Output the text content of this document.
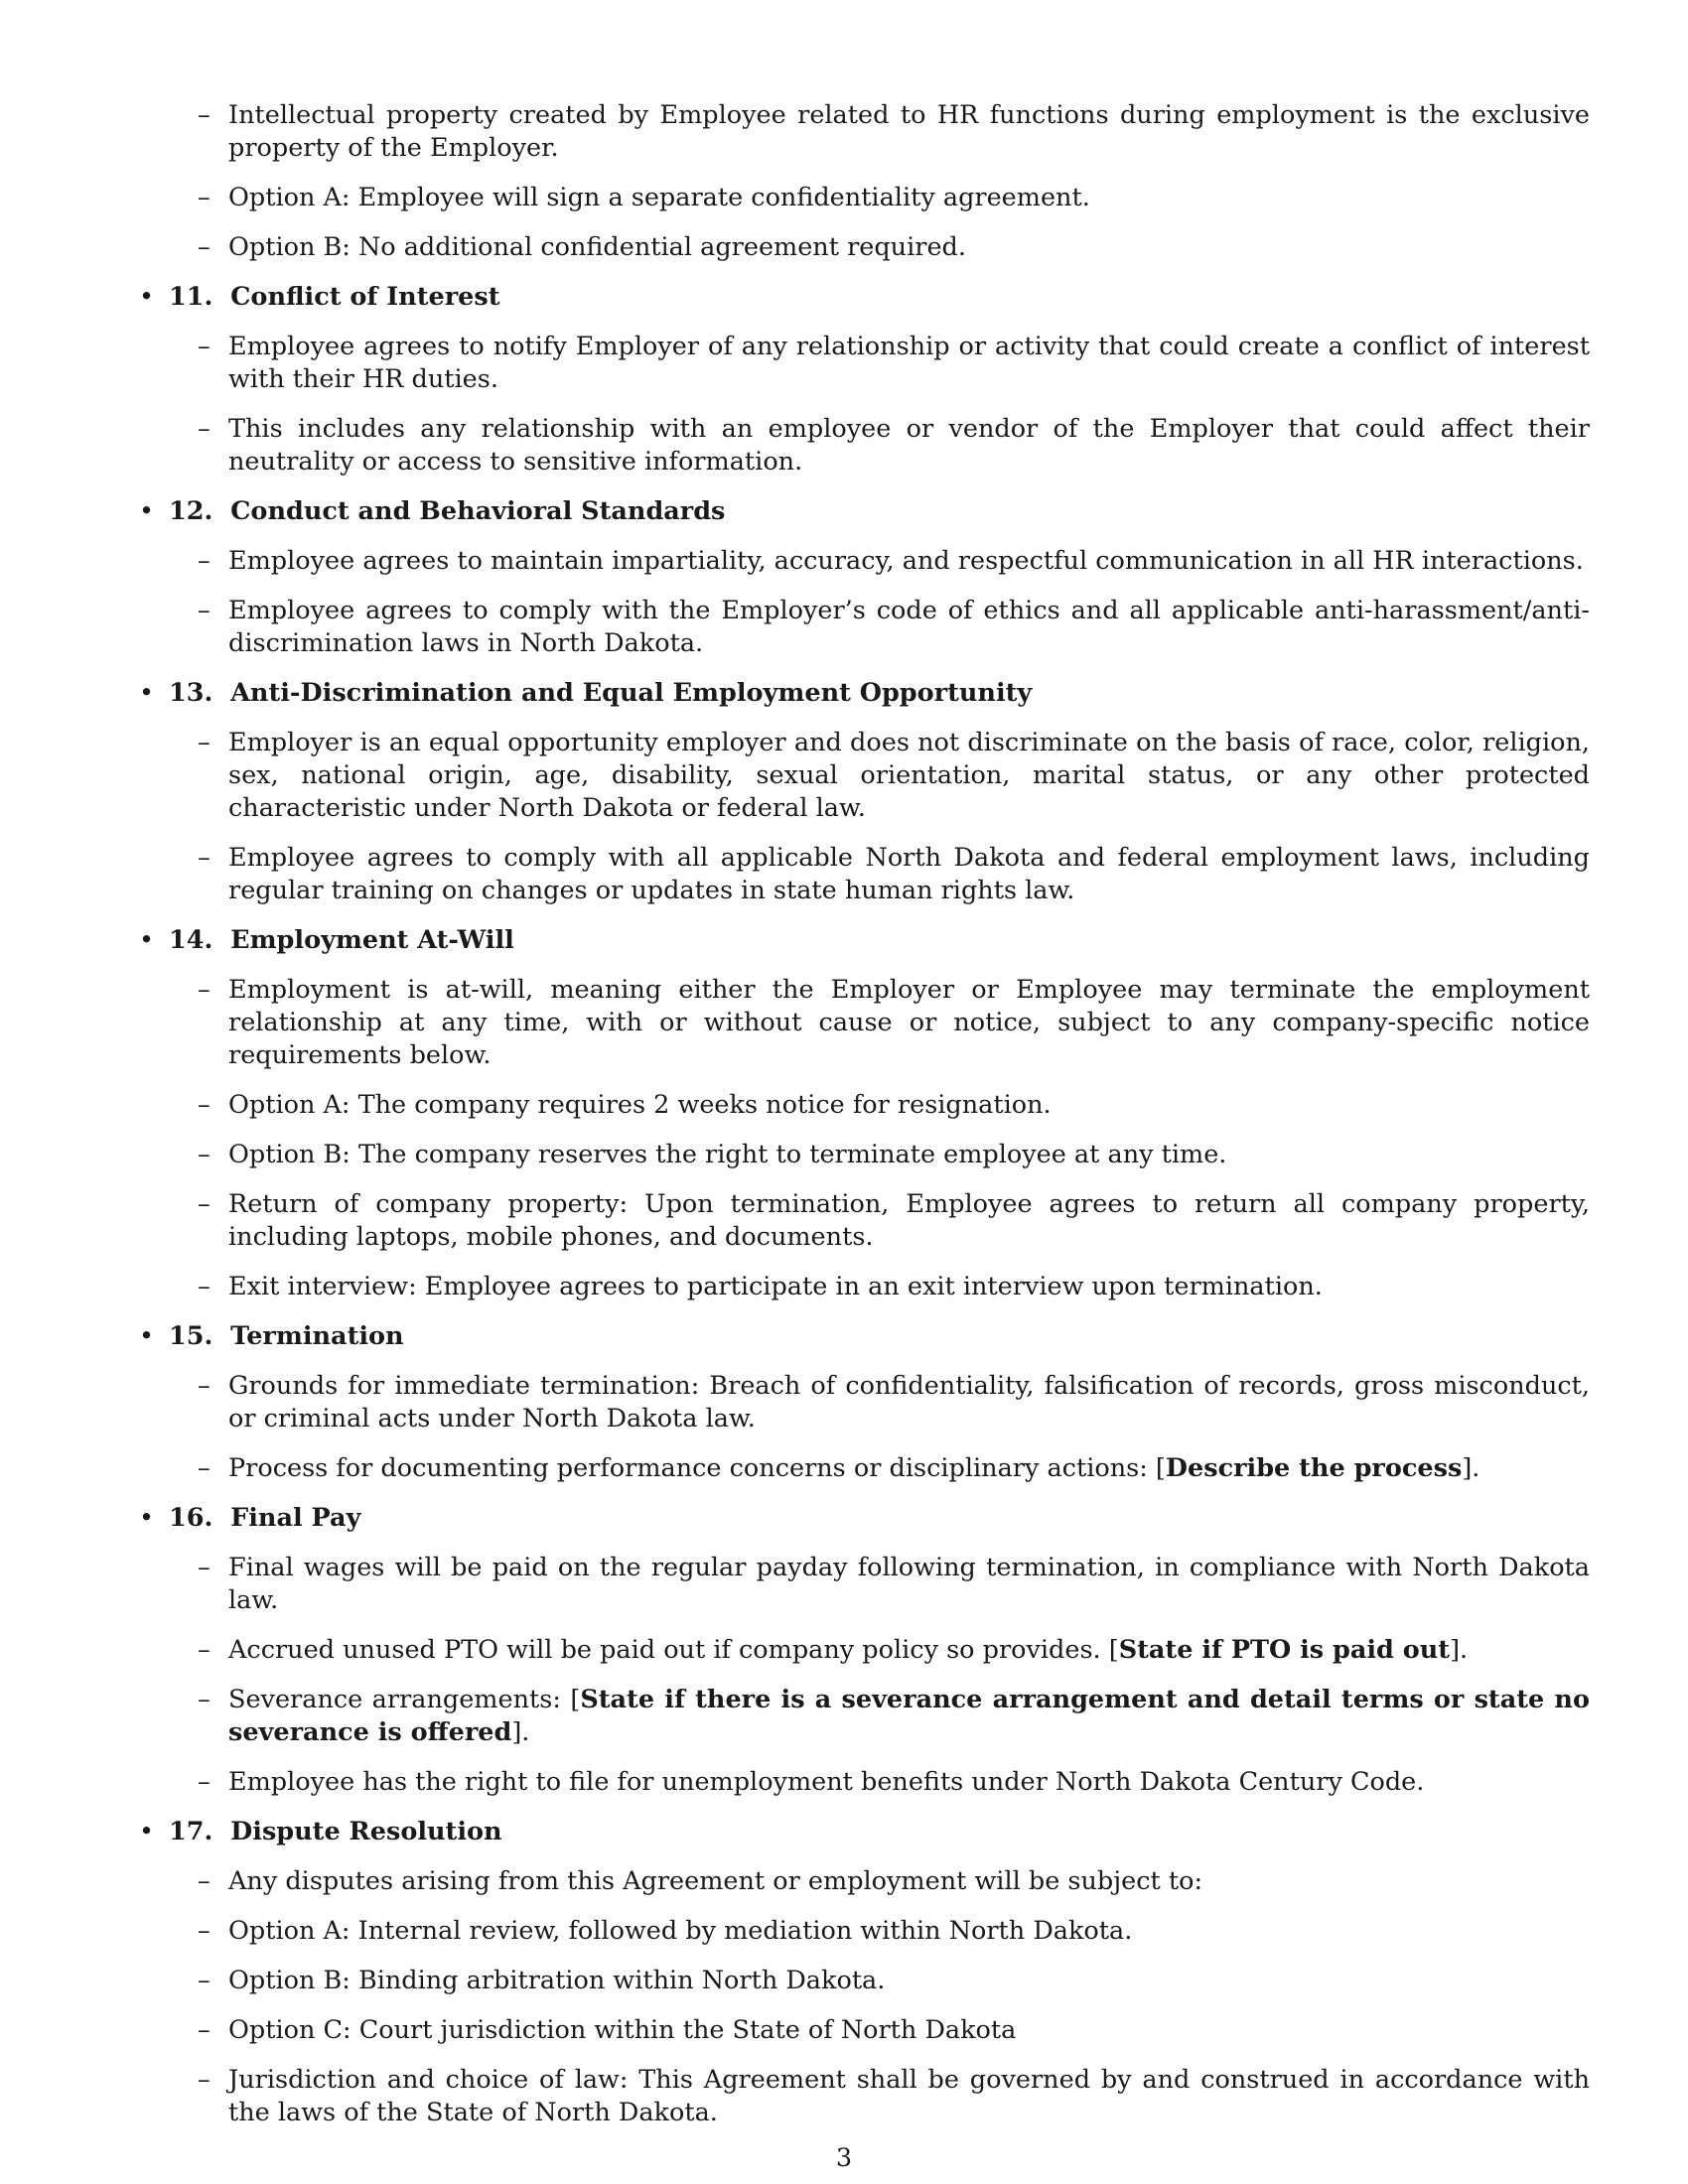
– Intellectual property created by Employee related to HR functions during employment is the exclusive property of the Employer.
– Option A: Employee will sign a separate confidentiality agreement.
– Option B: No additional confidential agreement required.
• 11. Conflict of Interest
– Employee agrees to notify Employer of any relationship or activity that could create a conflict of interest with their HR duties.
– This includes any relationship with an employee or vendor of the Employer that could affect their neutrality or access to sensitive information.
• 12. Conduct and Behavioral Standards
– Employee agrees to maintain impartiality, accuracy, and respectful communication in all HR interactions.
– Employee agrees to comply with the Employer’s code of ethics and all applicable anti-harassment/anti-discrimination laws in North Dakota.
• 13. Anti-Discrimination and Equal Employment Opportunity
– Employer is an equal opportunity employer and does not discriminate on the basis of race, color, religion, sex, national origin, age, disability, sexual orientation, marital status, or any other protected characteristic under North Dakota or federal law.
– Employee agrees to comply with all applicable North Dakota and federal employment laws, including regular training on changes or updates in state human rights law.
• 14. Employment At-Will
– Employment is at-will, meaning either the Employer or Employee may terminate the employment relationship at any time, with or without cause or notice, subject to any company-specific notice requirements below.
– Option A: The company requires 2 weeks notice for resignation.
– Option B: The company reserves the right to terminate employee at any time.
– Return of company property: Upon termination, Employee agrees to return all company property, including laptops, mobile phones, and documents.
– Exit interview: Employee agrees to participate in an exit interview upon termination.
• 15. Termination
– Grounds for immediate termination: Breach of confidentiality, falsification of records, gross misconduct, or criminal acts under North Dakota law.
– Process for documenting performance concerns or disciplinary actions: [Describe the process].
• 16. Final Pay
– Final wages will be paid on the regular payday following termination, in compliance with North Dakota law.
– Accrued unused PTO will be paid out if company policy so provides. [State if PTO is paid out].
– Severance arrangements: [State if there is a severance arrangement and detail terms or state no severance is offered].
– Employee has the right to file for unemployment benefits under North Dakota Century Code.
• 17. Dispute Resolution
– Any disputes arising from this Agreement or employment will be subject to:
– Option A: Internal review, followed by mediation within North Dakota.
– Option B: Binding arbitration within North Dakota.
– Option C: Court jurisdiction within the State of North Dakota
– Jurisdiction and choice of law: This Agreement shall be governed by and construed in accordance with the laws of the State of North Dakota.
3
